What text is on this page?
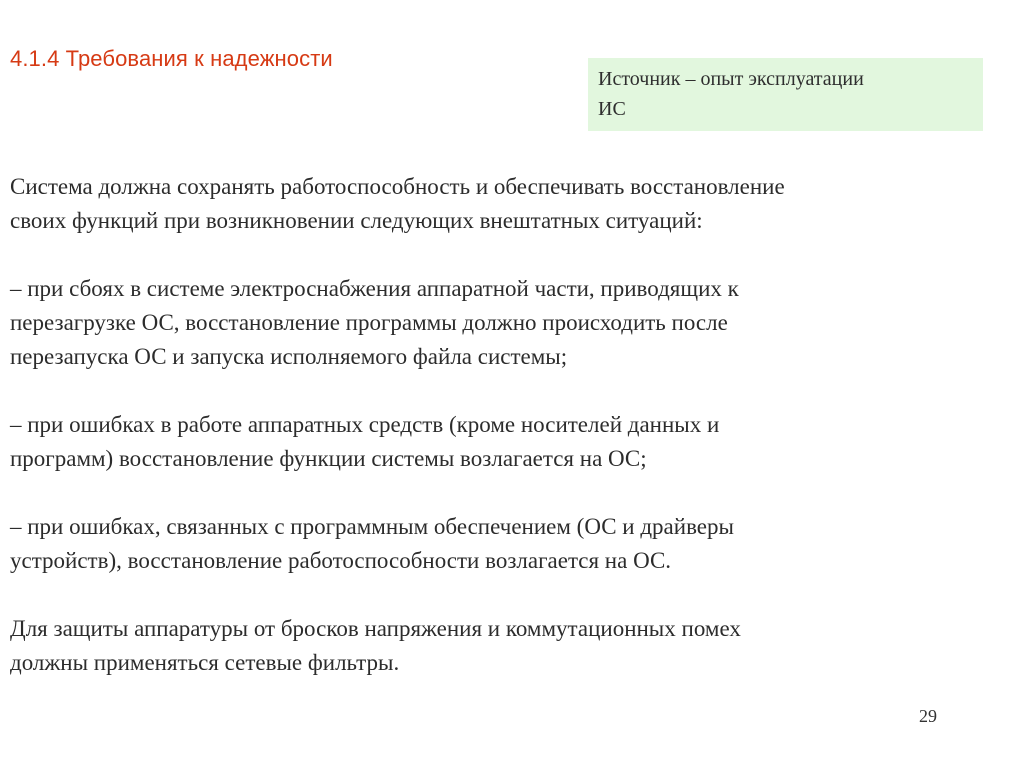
4.1.4 Требования к надежности
Источник – опыт эксплуатации
ИС

Система должна сохранять работоспособность и обеспечивать восстановление
своих функций при возникновении следующих внештатных ситуаций:

– при сбоях в системе электроснабжения аппаратной части, приводящих к
перезагрузке ОС, восстановление программы должно происходить после
перезапуска ОС и запуска исполняемого файла системы;

– при ошибках в работе аппаратных средств (кроме носителей данных и
программ) восстановление функции системы возлагается на ОС;

– при ошибках, связанных с программным обеспечением (ОС и драйверы
устройств), восстановление работоспособности возлагается на ОС.

Для защиты аппаратуры от бросков напряжения и коммутационных помех
должны применяться сетевые фильтры.

29
